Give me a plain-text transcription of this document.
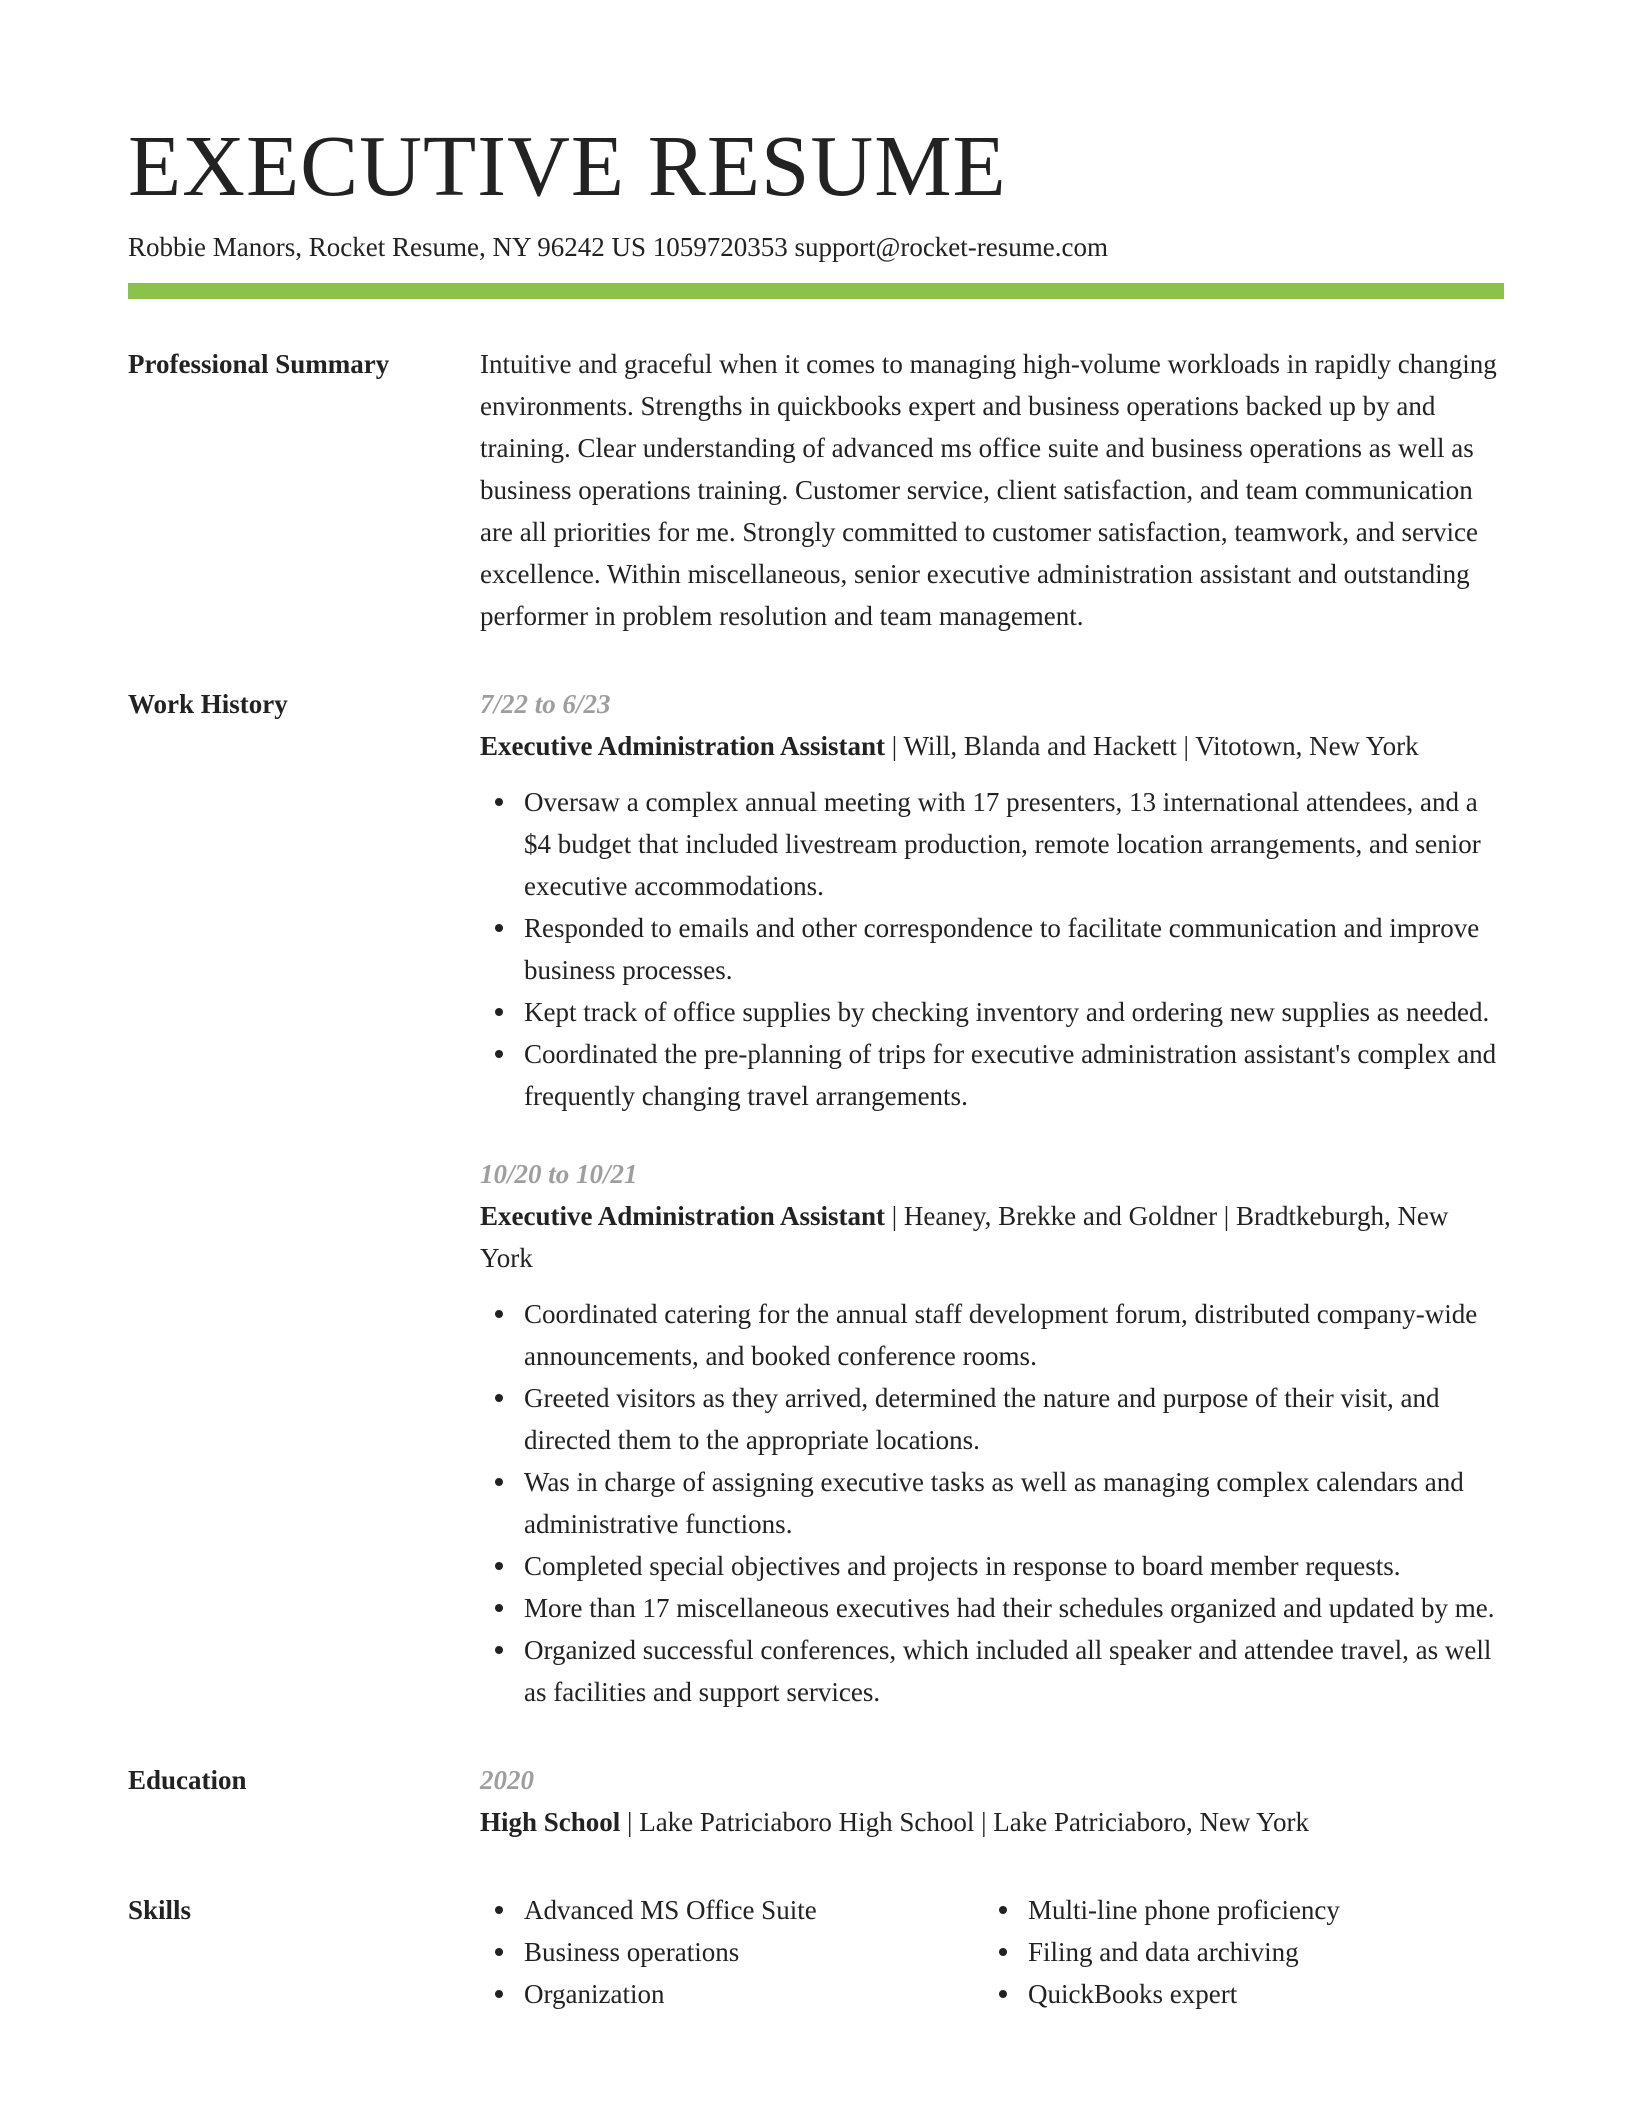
EXECUTIVE RESUME
Robbie Manors, Rocket Resume, NY 96242 US 1059720353 support@rocket-resume.com
Professional Summary	Intuitive and graceful when it comes to managing high-volume workloads in rapidly changing environments. Strengths in quickbooks expert and business operations backed up by and training. Clear understanding of advanced ms office suite and business operations as well as business operations training. Customer service, client satisfaction, and team communication are all priorities for me. Strongly committed to customer satisfaction, teamwork, and service excellence. Within miscellaneous, senior executive administration assistant and outstanding performer in problem resolution and team management.

Work History	7/22 to 6/23
Executive Administration Assistant | Will, Blanda and Hackett | Vitotown, New York
Oversaw a complex annual meeting with 17 presenters, 13 international attendees, and a $4 budget that included livestream production, remote location arrangements, and senior executive accommodations.
Responded to emails and other correspondence to facilitate communication and improve business processes.
Kept track of office supplies by checking inventory and ordering new supplies as needed.
Coordinated the pre-planning of trips for executive administration assistant's complex and frequently changing travel arrangements.
10/20 to 10/21
Executive Administration Assistant | Heaney, Brekke and Goldner | Bradtkeburgh, New York
Coordinated catering for the annual staff development forum, distributed company-wide announcements, and booked conference rooms.
Greeted visitors as they arrived, determined the nature and purpose of their visit, and directed them to the appropriate locations.
Was in charge of assigning executive tasks as well as managing complex calendars and administrative functions.
Completed special objectives and projects in response to board member requests.
More than 17 miscellaneous executives had their schedules organized and updated by me.
Organized successful conferences, which included all speaker and attendee travel, as well as facilities and support services.
Education	2020
High School | Lake Patriciaboro High School | Lake Patriciaboro, New York
Skills	Advanced MS Office Suite
Business operations
Organization
Multi-line phone proficiency
Filing and data archiving
QuickBooks expert
